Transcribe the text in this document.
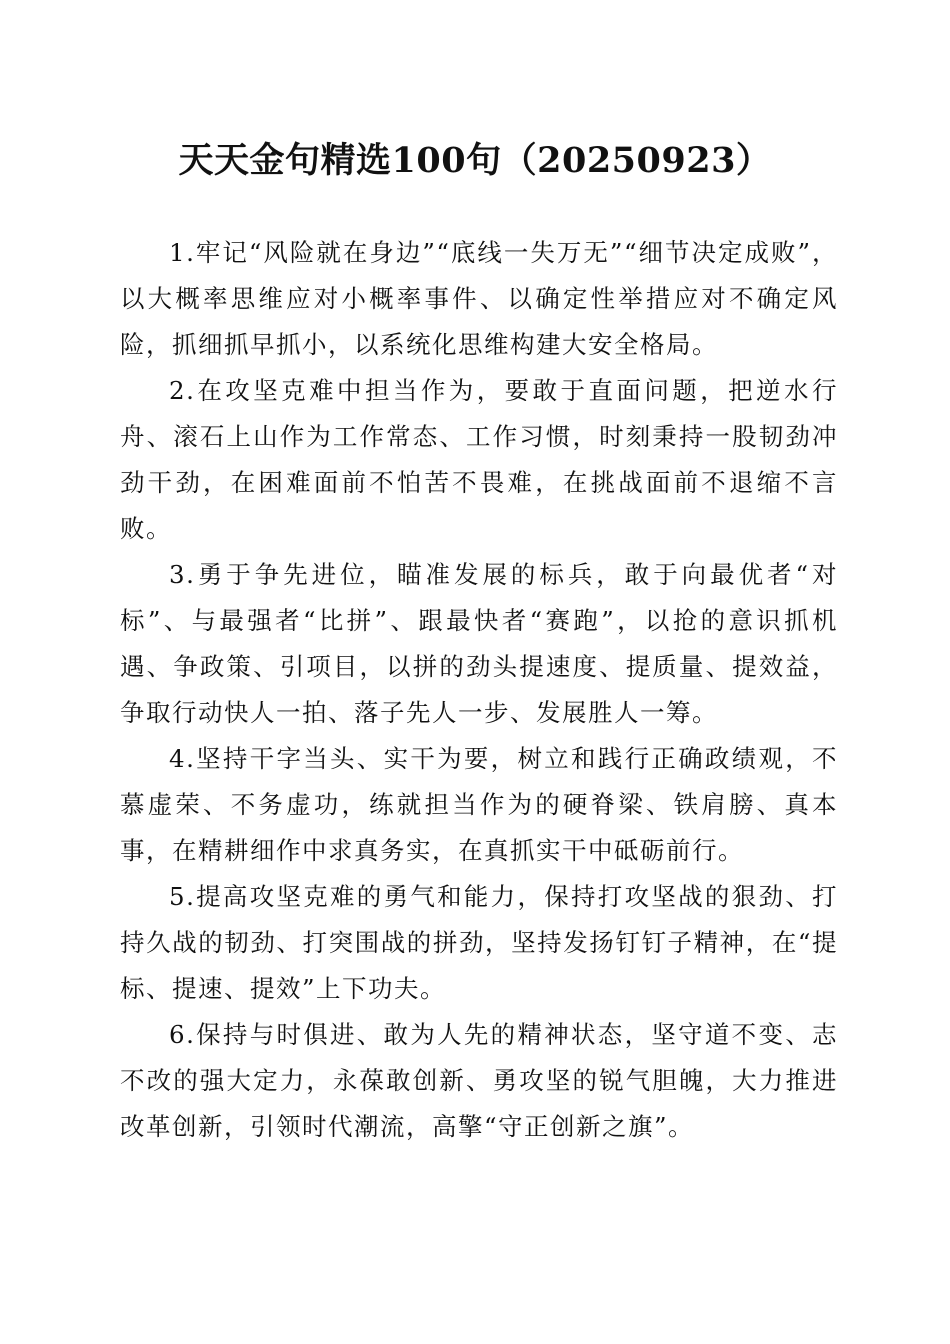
天天金句精选100句（20250923）

1.牢记“风险就在身边”“底线一失万无”“细节决定成败”，以大概率思维应对小概率事件、以确定性举措应对不确定风险，抓细抓早抓小，以系统化思维构建大安全格局。

2.在攻坚克难中担当作为，要敢于直面问题，把逆水行舟、滚石上山作为工作常态、工作习惯，时刻秉持一股韧劲冲劲干劲，在困难面前不怕苦不畏难，在挑战面前不退缩不言败。

3.勇于争先进位，瞄准发展的标兵，敢于向最优者“对标”、与最强者“比拼”、跟最快者“赛跑”，以抢的意识抓机遇、争政策、引项目，以拼的劲头提速度、提质量、提效益，争取行动快人一拍、落子先人一步、发展胜人一筹。

4.坚持干字当头、实干为要，树立和践行正确政绩观，不慕虚荣、不务虚功，练就担当作为的硬脊梁、铁肩膀、真本事，在精耕细作中求真务实，在真抓实干中砥砺前行。

5.提高攻坚克难的勇气和能力，保持打攻坚战的狠劲、打持久战的韧劲、打突围战的拼劲，坚持发扬钉钉子精神，在“提标、提速、提效”上下功夫。

6.保持与时俱进、敢为人先的精神状态，坚守道不变、志不改的强大定力，永葆敢创新、勇攻坚的锐气胆魄，大力推进改革创新，引领时代潮流，高擎“守正创新之旗”。
